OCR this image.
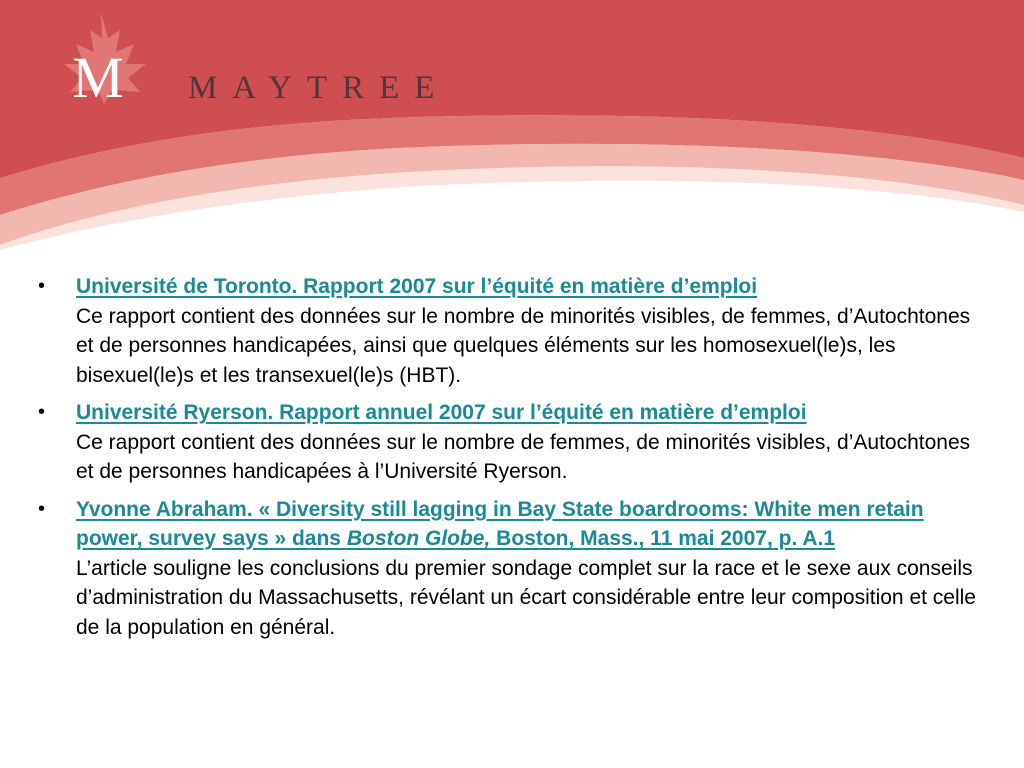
M MAYTREE
• Université de Toronto. Rapport 2007 sur l’équité en matière d’emploi
Ce rapport contient des données sur le nombre de minorités visibles, de femmes, d’Autochtones et de personnes handicapées, ainsi que quelques éléments sur les homosexuel(le)s, les bisexuel(le)s et les transexuel(le)s (HBT).
• Université Ryerson. Rapport annuel 2007 sur l’équité en matière d’emploi
Ce rapport contient des données sur le nombre de femmes, de minorités visibles, d’Autochtones et de personnes handicapées à l’Université Ryerson.
• Yvonne Abraham. « Diversity still lagging in Bay State boardrooms: White men retain power, survey says » dans Boston Globe, Boston, Mass., 11 mai 2007, p. A.1
L’article souligne les conclusions du premier sondage complet sur la race et le sexe aux conseils d’administration du Massachusetts, révélant un écart considérable entre leur composition et celle de la population en général.
